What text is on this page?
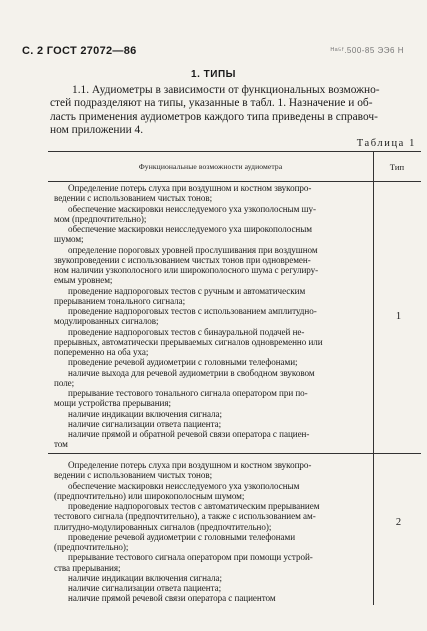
С. 2 ГОСТ 27072—86	ᴴᵃ⁵ᶠ.500-85 ЭЭ6 Н
1. ТИПЫ
1.1. Аудиометры в зависимости от функциональных возможно-
стей подразделяют на типы, указанные в табл. 1. Назначение и об-
ласть применения аудиометров каждого типа приведены в справоч-
ном приложении 4.
Таблица 1
Функциональные возможности аудиометра	Тип
Определение потерь слуха при воздушном и костном звукопро-
ведении с использованием чистых тонов;
обеспечение маскировки неисследуемого уха узкополосным шу-
мом (предпочтительно);
обеспечение маскировки неисследуемого уха широкополосным
шумом;
определение пороговых уровней прослушивания при воздушном
звукопроведении с использованием чистых тонов при одновремен-
ном наличии узкополосного или широкополосного шума с регулиру-
емым уровнем;
проведение надпороговых тестов с ручным и автоматическим
прерыванием тонального сигнала;
проведение надпороговых тестов с использованием амплитудно-
модулированных сигналов;
проведение надпороговых тестов с бинауральной подачей не-
прерывных, автоматически прерываемых сигналов одновременно или
попеременно на оба уха;
проведение речевой аудиометрии с головными телефонами;
наличие выхода для речевой аудиометрии в свободном звуковом
поле;
прерывание тестового тонального сигнала оператором при по-
мощи устройства прерывания;
наличие индикации включения сигнала;
наличие сигнализации ответа пациента;
наличие прямой и обратной речевой связи оператора с пациен-
том
1
Определение потерь слуха при воздушном и костном звукопро-
ведении с использованием чистых тонов;
обеспечение маскировки неисследуемого уха узкополосным
(предпочтительно) или широкополосным шумом;
проведение надпороговых тестов с автоматическим прерыванием
тестового сигнала (предпочтительно), а также с использованием ам-
плитудно-модулированных сигналов (предпочтительно);
проведение речевой аудиометрии с головными телефонами
(предпочтительно);
прерывание тестового сигнала оператором при помощи устрой-
ства прерывания;
наличие индикации включения сигнала;
наличие сигнализации ответа пациента;
наличие прямой речевой связи оператора с пациентом
2
